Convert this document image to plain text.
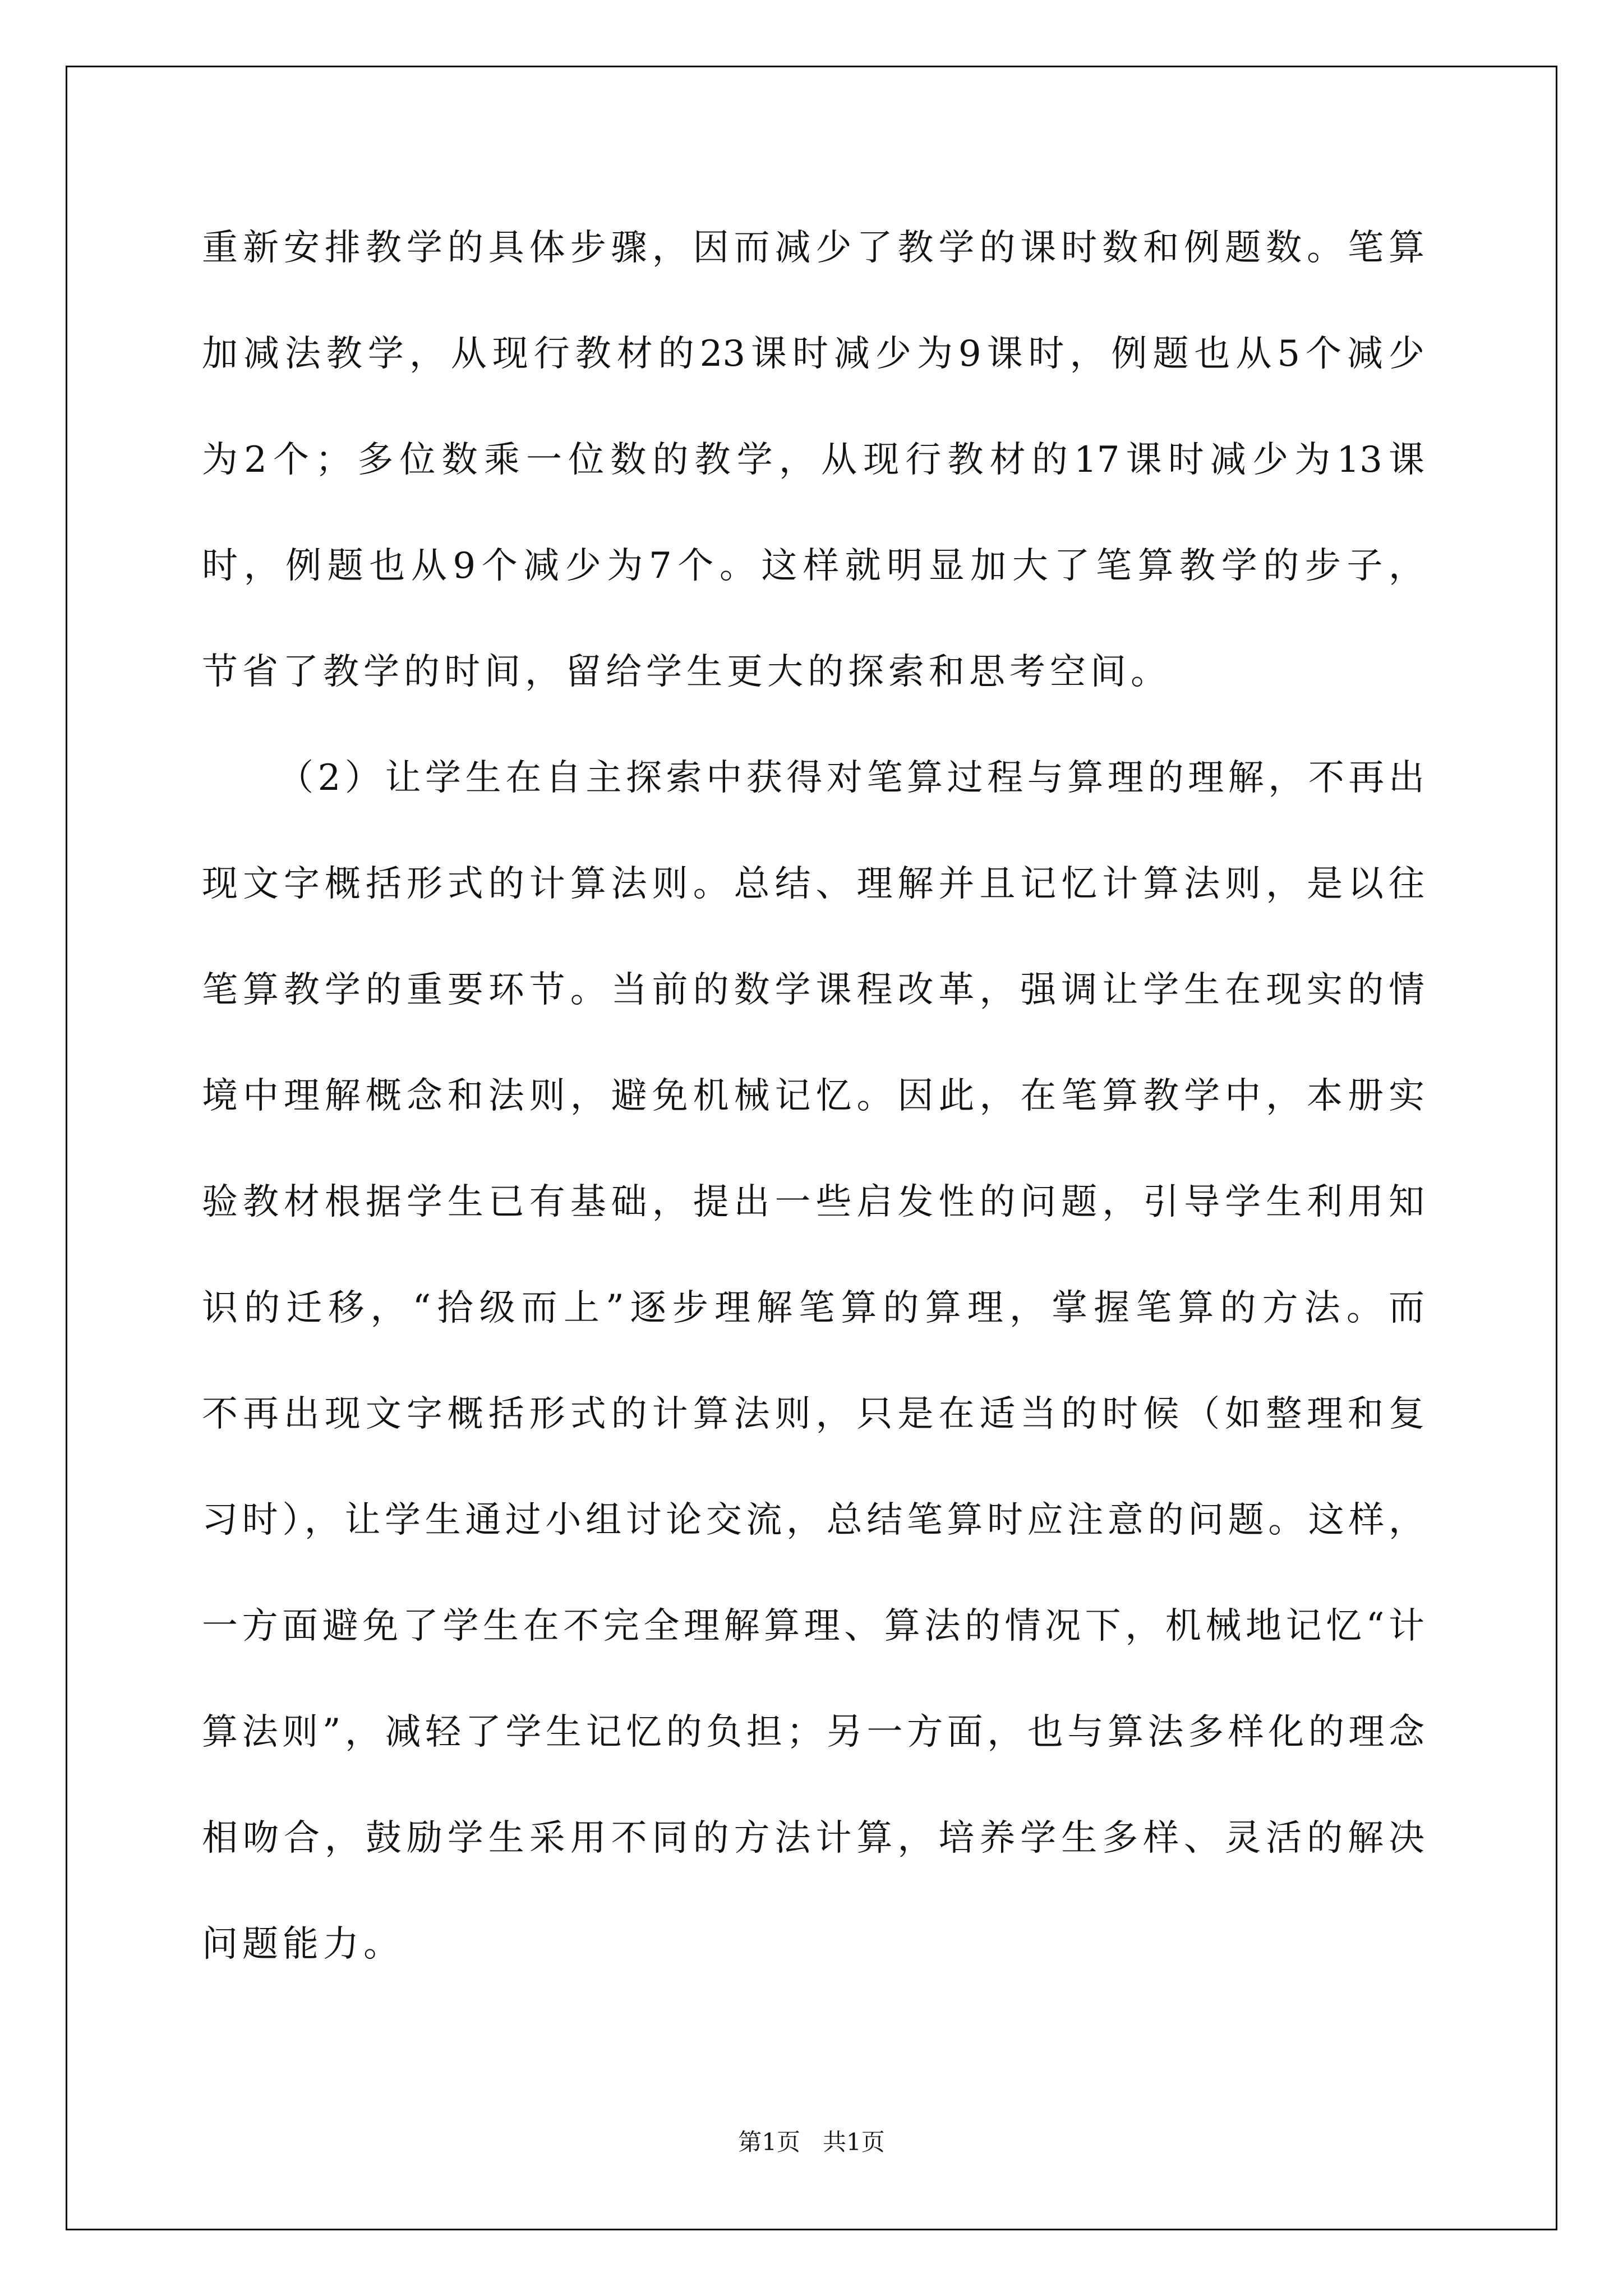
重新安排教学的具体步骤，因而减少了教学的课时数和例题数。笔算
加减法教学，从现行教材的23课时减少为9课时，例题也从5个减少
为2个；多位数乘一位数的教学，从现行教材的17课时减少为13课
时，例题也从9个减少为7个。这样就明显加大了笔算教学的步子，
节省了教学的时间，留给学生更大的探索和思考空间。
（2）让学生在自主探索中获得对笔算过程与算理的理解，不再出
现文字概括形式的计算法则。总结、理解并且记忆计算法则，是以往
笔算教学的重要环节。当前的数学课程改革，强调让学生在现实的情
境中理解概念和法则，避免机械记忆。因此，在笔算教学中，本册实
验教材根据学生已有基础，提出一些启发性的问题，引导学生利用知
识的迁移，“拾级而上”逐步理解笔算的算理，掌握笔算的方法。而
不再出现文字概括形式的计算法则，只是在适当的时候（如整理和复
习时），让学生通过小组讨论交流，总结笔算时应注意的问题。这样，
一方面避免了学生在不完全理解算理、算法的情况下，机械地记忆“计
算法则”，减轻了学生记忆的负担；另一方面，也与算法多样化的理念
相吻合，鼓励学生采用不同的方法计算，培养学生多样、灵活的解决
问题能力。
第1页   共1页
